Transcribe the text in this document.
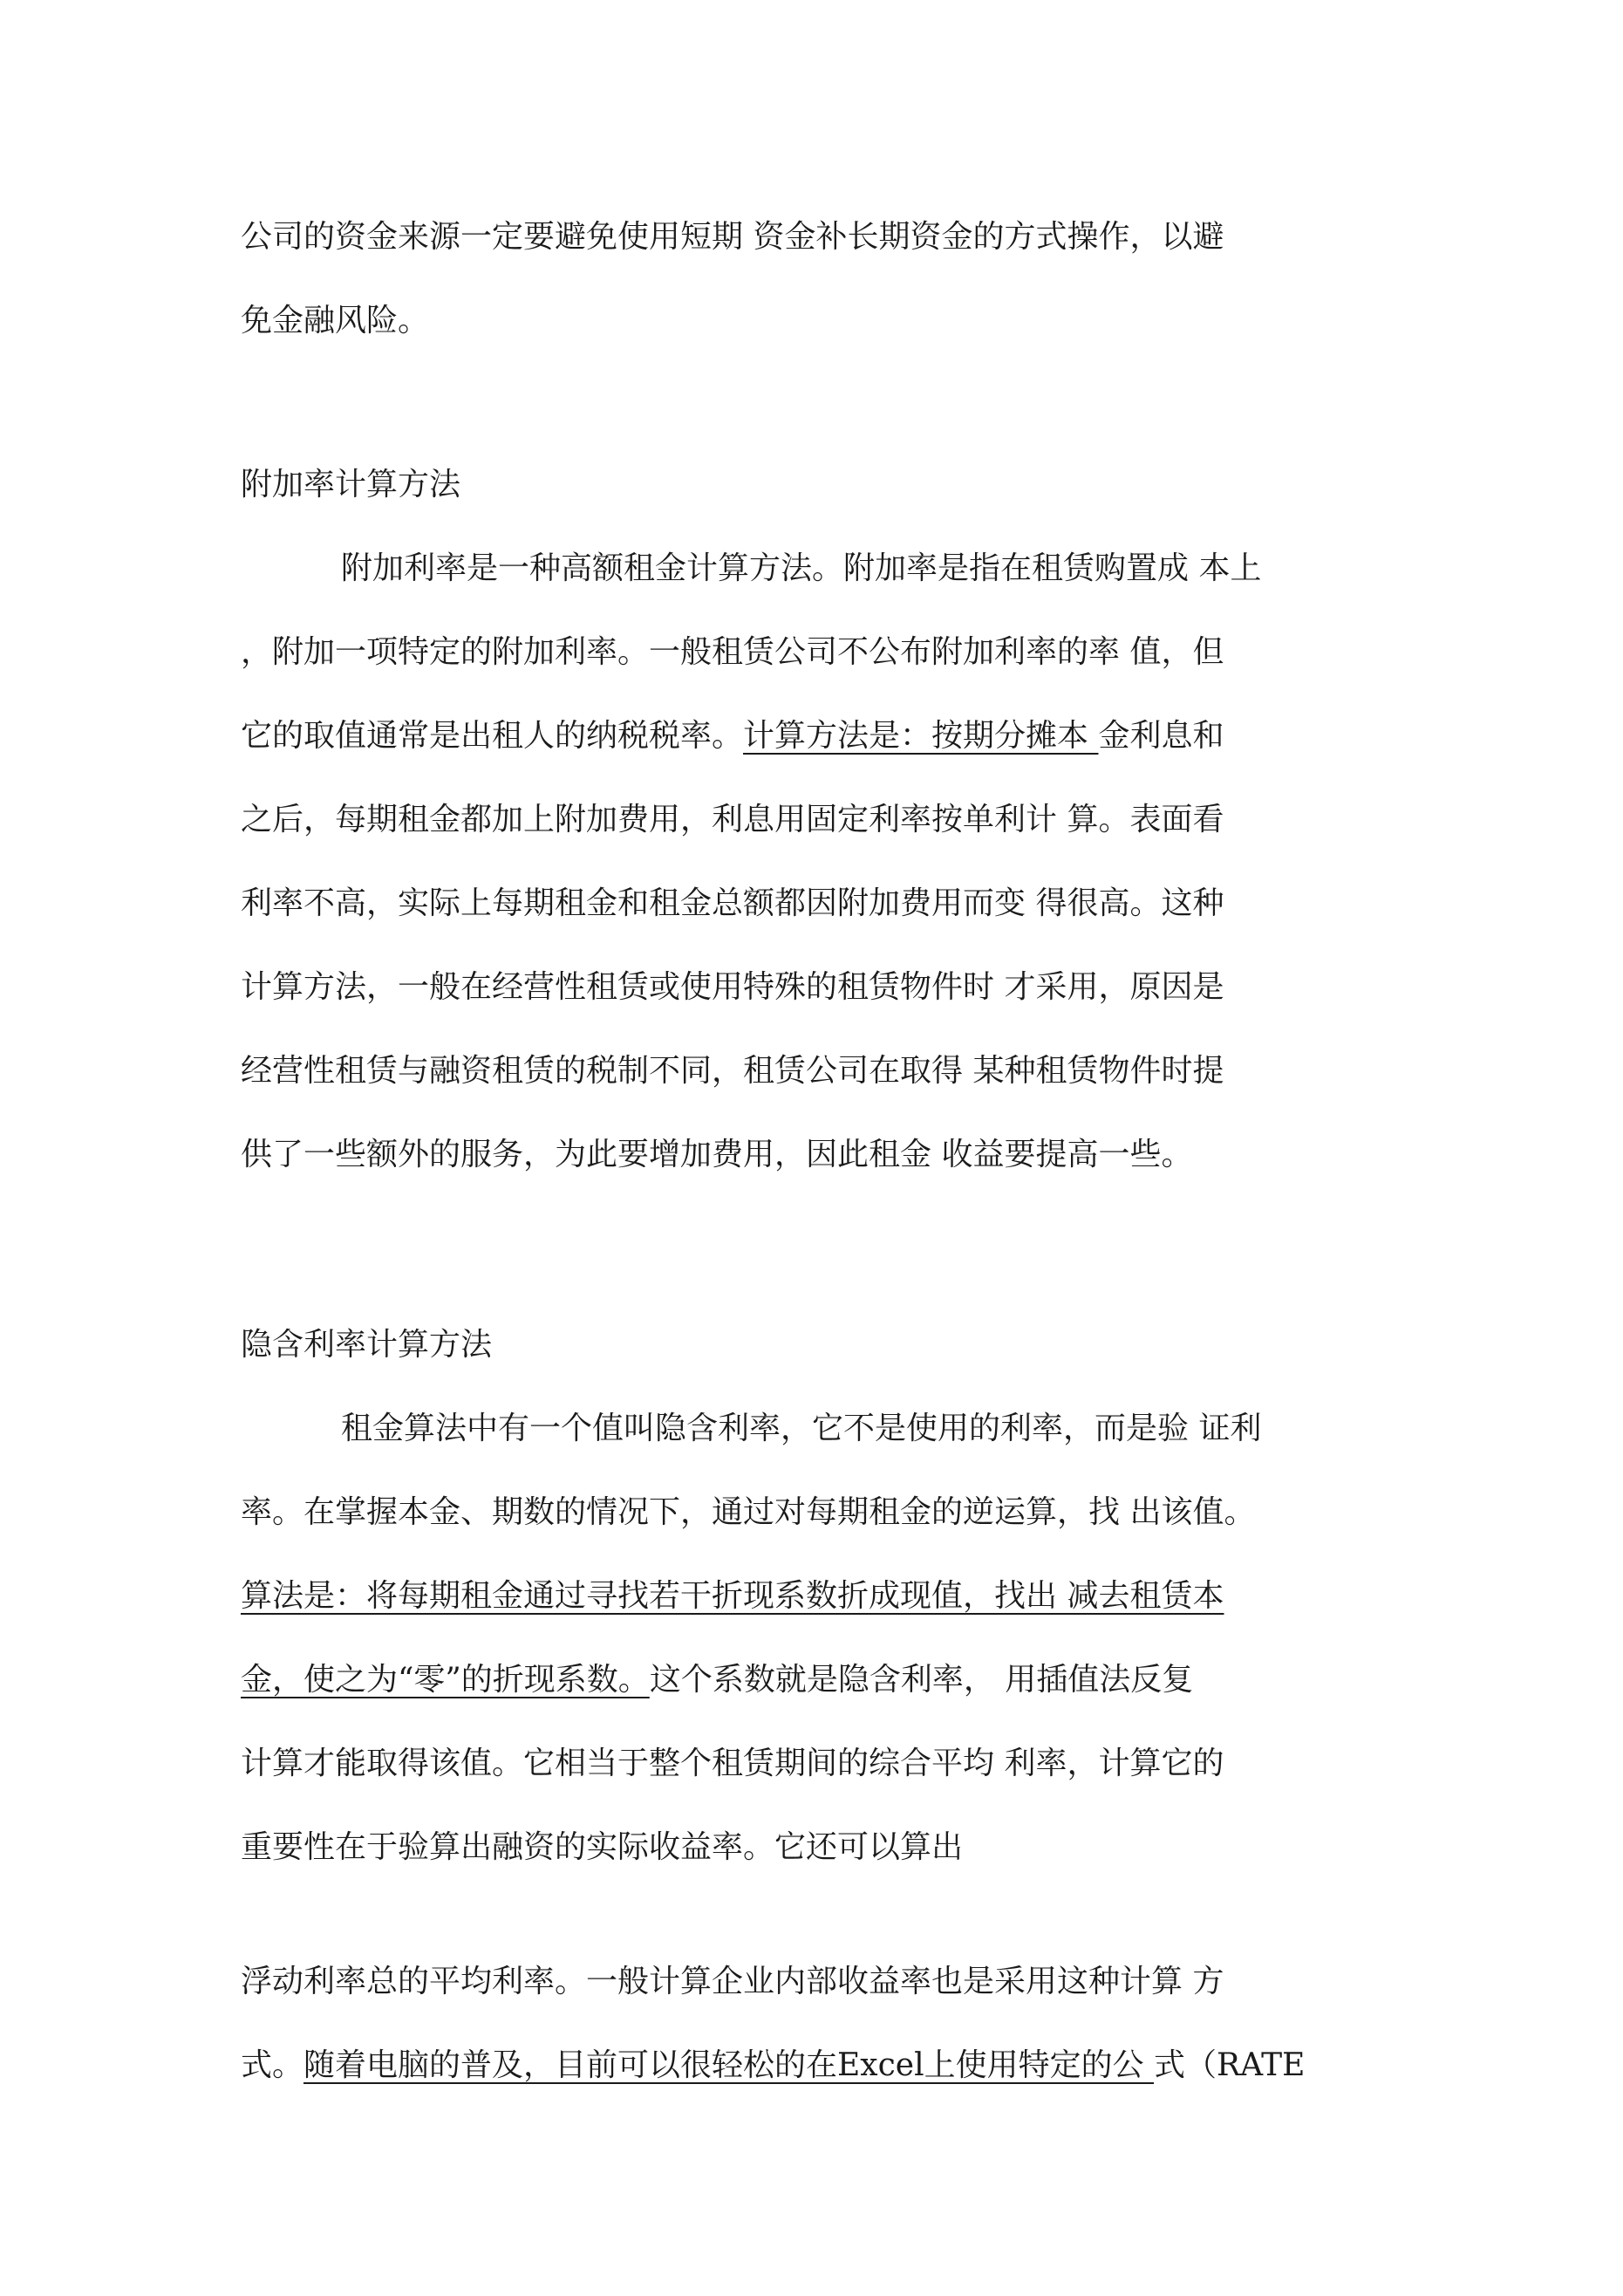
公司的资金来源一定要避免使用短期 资金补长期资金的方式操作，以避
免金融风险。
附加率计算方法
附加利率是一种高额租金计算方法。附加率是指在租赁购置成 本上
，附加一项特定的附加利率。一般租赁公司不公布附加利率的率 值，但
它的取值通常是出租人的纳税税率。计算方法是：按期分摊本 金利息和
之后，每期租金都加上附加费用，利息用固定利率按单利计 算。表面看
利率不高，实际上每期租金和租金总额都因附加费用而变 得很高。这种
计算方法，一般在经营性租赁或使用特殊的租赁物件时 才采用，原因是
经营性租赁与融资租赁的税制不同，租赁公司在取得 某种租赁物件时提
供了一些额外的服务，为此要增加费用，因此租金 收益要提高一些。
隐含利率计算方法
租金算法中有一个值叫隐含利率，它不是使用的利率，而是验 证利
率。在掌握本金、期数的情况下，通过对每期租金的逆运算，找 出该值。
算法是：将每期租金通过寻找若干折现系数折成现值，找出 减去租赁本
金，使之为“零”的折现系数。这个系数就是隐含利率， 用插值法反复
计算才能取得该值。它相当于整个租赁期间的综合平均 利率，计算它的
重要性在于验算出融资的实际收益率。它还可以算出
浮动利率总的平均利率。一般计算企业内部收益率也是采用这种计算 方
式。随着电脑的普及，目前可以很轻松的在Excel上使用特定的公 式（RATE
